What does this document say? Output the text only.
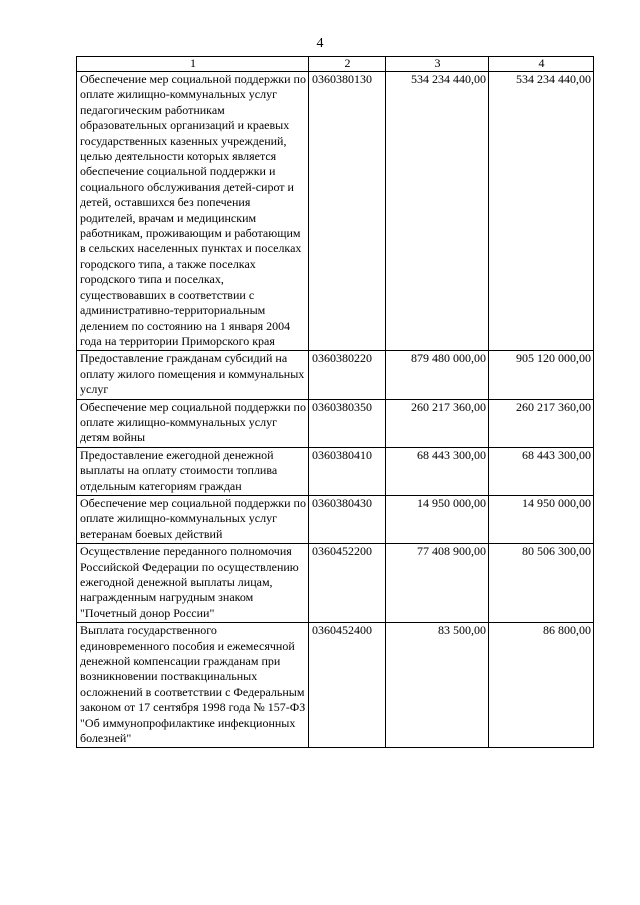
4
1	2	3	4
Обеспечение мер социальной поддержки по оплате жилищно-коммунальных услуг педагогическим работникам образовательных организаций и краевых государственных казенных учреждений, целью деятельности которых является обеспечение социальной поддержки и социального обслуживания детей-сирот и детей, оставшихся без попечения родителей, врачам и медицинским работникам, проживающим и работающим в сельских населенных пунктах и поселках городского типа, а также поселках городского типа и поселках, существовавших в соответствии с административно-территориальным делением по состоянию на 1 января 2004 года на территории Приморского края	0360380130	534 234 440,00	534 234 440,00
Предоставление гражданам субсидий на оплату жилого помещения и коммунальных услуг	0360380220	879 480 000,00	905 120 000,00
Обеспечение мер социальной поддержки по оплате жилищно-коммунальных услуг детям войны	0360380350	260 217 360,00	260 217 360,00
Предоставление ежегодной денежной выплаты на оплату стоимости топлива отдельным категориям граждан	0360380410	68 443 300,00	68 443 300,00
Обеспечение мер социальной поддержки по оплате жилищно-коммунальных услуг ветеранам боевых действий	0360380430	14 950 000,00	14 950 000,00
Осуществление переданного полномочия Российской Федерации по осуществлению ежегодной денежной выплаты лицам, награжденным нагрудным знаком "Почетный донор России"	0360452200	77 408 900,00	80 506 300,00
Выплата государственного единовременного пособия и ежемесячной денежной компенсации гражданам при возникновении поствакцинальных осложнений в соответствии с Федеральным законом от 17 сентября 1998 года № 157-ФЗ "Об иммунопрофилактике инфекционных болезней"	0360452400	83 500,00	86 800,00
